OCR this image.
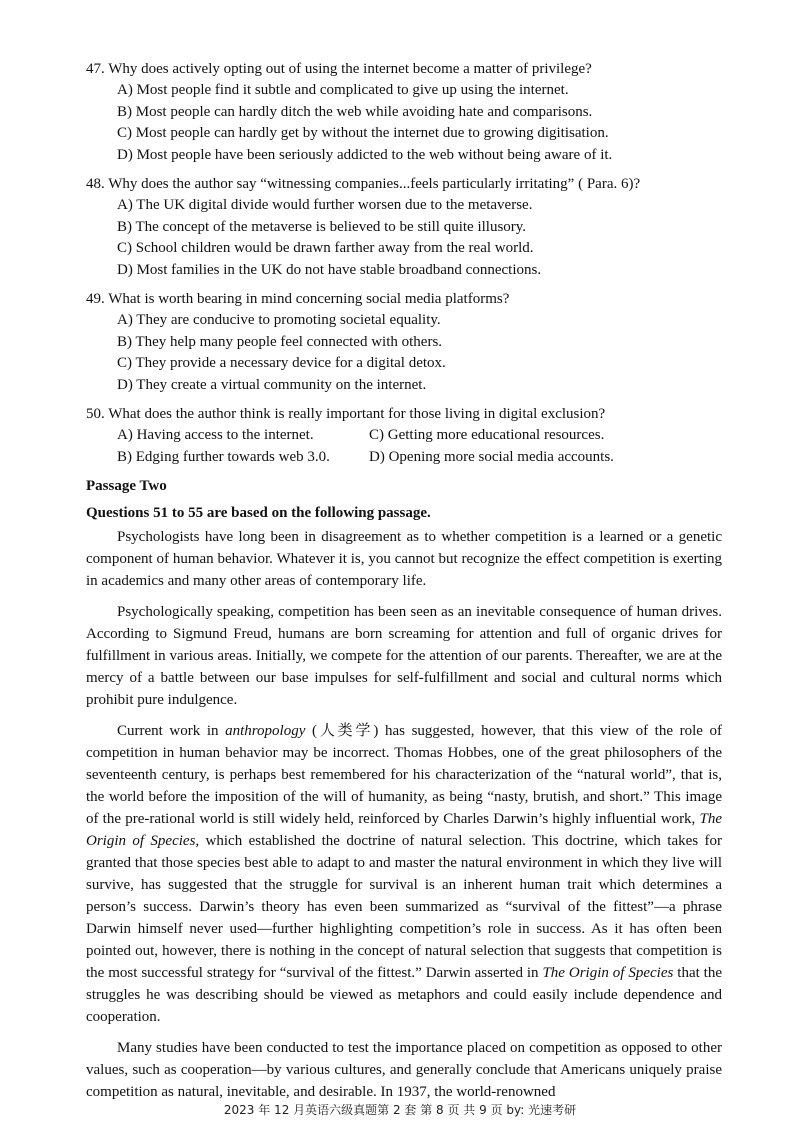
47. Why does actively opting out of using the internet become a matter of privilege?
A) Most people find it subtle and complicated to give up using the internet.
B) Most people can hardly ditch the web while avoiding hate and comparisons.
C) Most people can hardly get by without the internet due to growing digitisation.
D) Most people have been seriously addicted to the web without being aware of it.
48. Why does the author say “witnessing companies...feels particularly irritating” ( Para. 6)?
A) The UK digital divide would further worsen due to the metaverse.
B) The concept of the metaverse is believed to be still quite illusory.
C) School children would be drawn farther away from the real world.
D) Most families in the UK do not have stable broadband connections.
49. What is worth bearing in mind concerning social media platforms?
A) They are conducive to promoting societal equality.
B) They help many people feel connected with others.
C) They provide a necessary device for a digital detox.
D) They create a virtual community on the internet.
50. What does the author think is really important for those living in digital exclusion?
A) Having access to the internet.	C) Getting more educational resources.
B) Edging further towards web 3.0.	D) Opening more social media accounts.
Passage Two
Questions 51 to 55 are based on the following passage.

Psychologists have long been in disagreement as to whether competition is a learned or a genetic component of human behavior. Whatever it is, you cannot but recognize the effect competition is exerting in academics and many other areas of contemporary life.

Psychologically speaking, competition has been seen as an inevitable consequence of human drives. According to Sigmund Freud, humans are born screaming for attention and full of organic drives for fulfillment in various areas. Initially, we compete for the attention of our parents. Thereafter, we are at the mercy of a battle between our base impulses for self-fulfillment and social and cultural norms which prohibit pure indulgence.

Current work in anthropology (人类学) has suggested, however, that this view of the role of competition in human behavior may be incorrect. Thomas Hobbes, one of the great philosophers of the seventeenth century, is perhaps best remembered for his characterization of the “natural world”, that is, the world before the imposition of the will of humanity, as being “nasty, brutish, and short.” This image of the pre-rational world is still widely held, reinforced by Charles Darwin’s highly influential work, The Origin of Species, which established the doctrine of natural selection. This doctrine, which takes for granted that those species best able to adapt to and master the natural environment in which they live will survive, has suggested that the struggle for survival is an inherent human trait which determines a person’s success. Darwin’s theory has even been summarized as “survival of the fittest”—a phrase Darwin himself never used—further highlighting competition’s role in success. As it has often been pointed out, however, there is nothing in the concept of natural selection that suggests that competition is the most successful strategy for “survival of the fittest.” Darwin asserted in The Origin of Species that the struggles he was describing should be viewed as metaphors and could easily include dependence and cooperation.

Many studies have been conducted to test the importance placed on competition as opposed to other values, such as cooperation—by various cultures, and generally conclude that Americans uniquely praise competition as natural, inevitable, and desirable. In 1937, the world-renowned

2023 年 12 月英语六级真题第 2 套 第 8 页 共 9 页 by: 光速考研
